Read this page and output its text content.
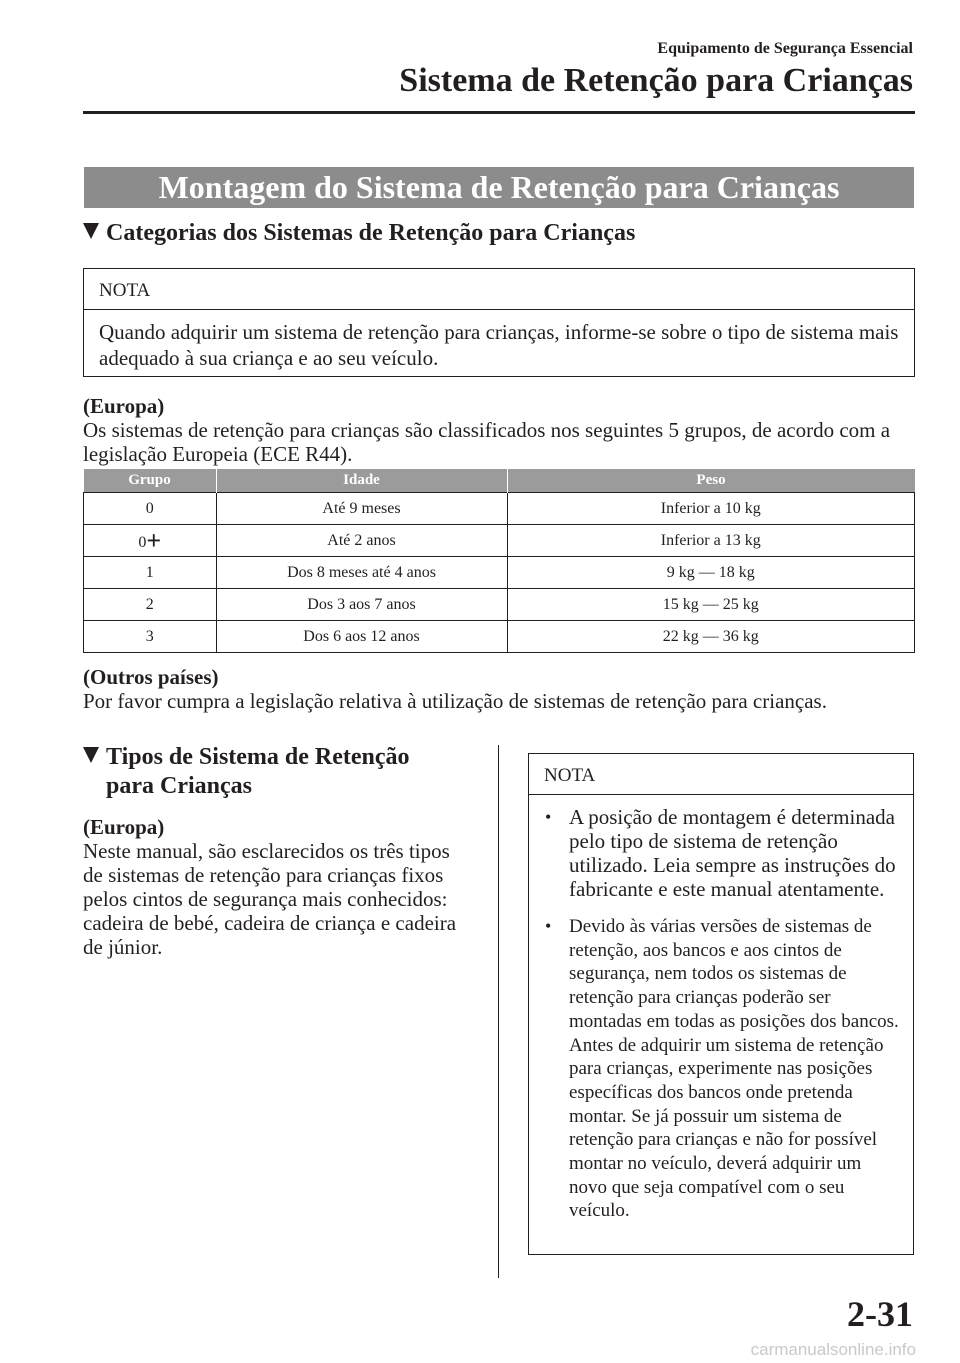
Equipamento de Segurança Essencial
Sistema de Retenção para Crianças
Montagem do Sistema de Retenção para Crianças
Categorias dos Sistemas de Retenção para Crianças
NOTA
Quando adquirir um sistema de retenção para crianças, informe-se sobre o tipo de sistema mais adequado à sua criança e ao seu veículo.
(Europa)
Os sistemas de retenção para crianças são classificados nos seguintes 5 grupos, de acordo com a legislação Europeia (ECE R44).
Grupo	Idade	Peso
0	Até 9 meses	Inferior a 10 kg
0+	Até 2 anos	Inferior a 13 kg
1	Dos 8 meses até 4 anos	9 kg — 18 kg
2	Dos 3 aos 7 anos	15 kg — 25 kg
3	Dos 6 aos 12 anos	22 kg — 36 kg
(Outros países)
Por favor cumpra a legislação relativa à utilização de sistemas de retenção para crianças.
Tipos de Sistema de Retenção
para Crianças
(Europa)
Neste manual, são esclarecidos os três tipos de sistemas de retenção para crianças fixos pelos cintos de segurança mais conhecidos: cadeira de bebé, cadeira de criança e cadeira de júnior.
NOTA
• A posição de montagem é determinada pelo tipo de sistema de retenção utilizado. Leia sempre as instruções do fabricante e este manual atentamente.
• Devido às várias versões de sistemas de retenção, aos bancos e aos cintos de segurança, nem todos os sistemas de retenção para crianças poderão ser montadas em todas as posições dos bancos. Antes de adquirir um sistema de retenção para crianças, experimente nas posições específicas dos bancos onde pretenda montar. Se já possuir um sistema de retenção para crianças e não for possível montar no veículo, deverá adquirir um novo que seja compatível com o seu veículo.
2-31
carmanualsonline.info
